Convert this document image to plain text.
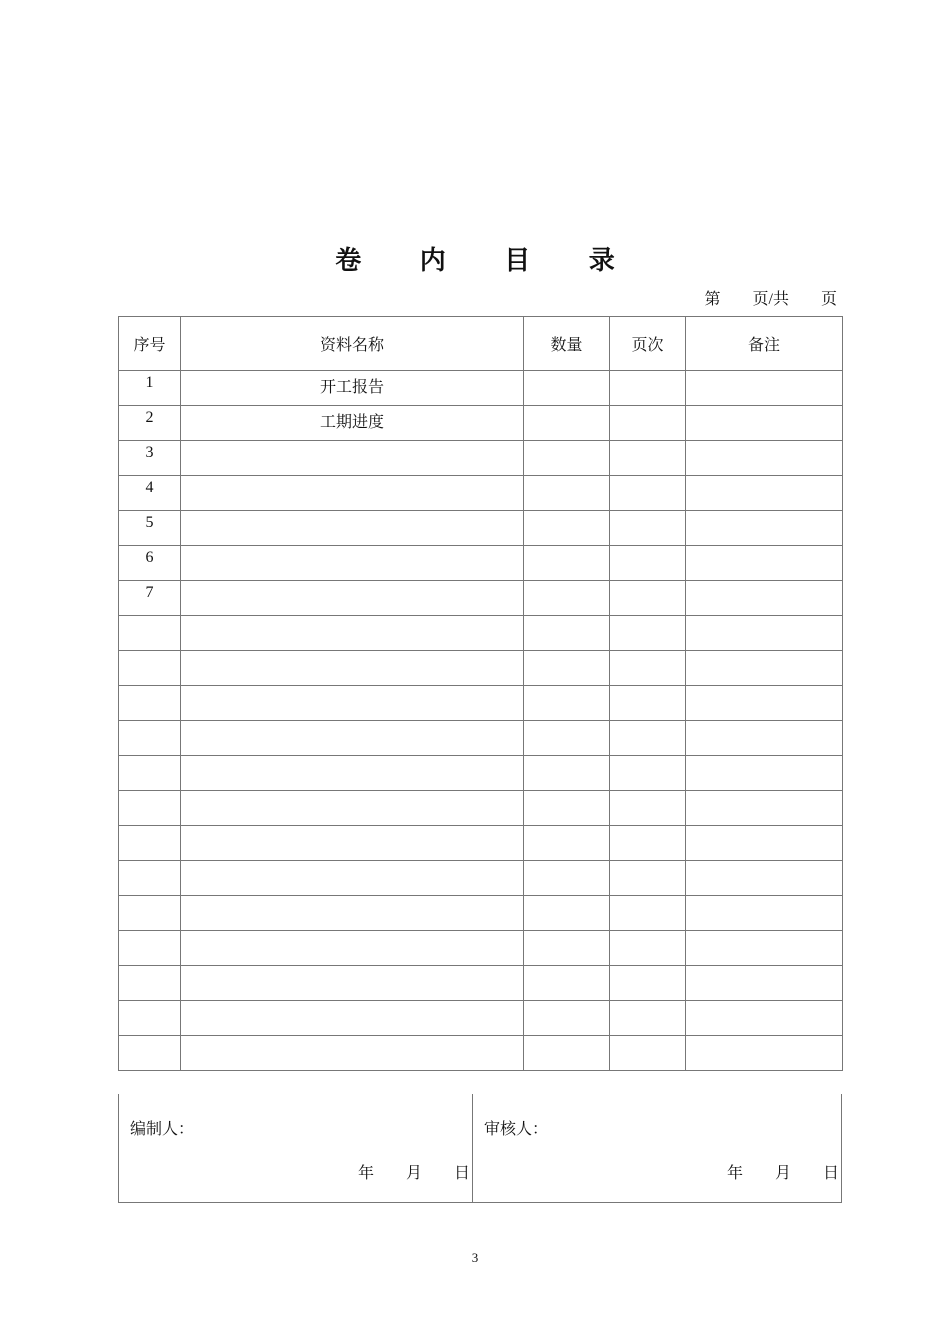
卷 内 目 录
第　　页/共　　页
序号	资料名称	数量	页次	备注
1	开工报告			
2	工期进度			
3				
4				
5				
6				
7				

编制人：
年　　月　　日
审核人：
年　　月　　日
3
